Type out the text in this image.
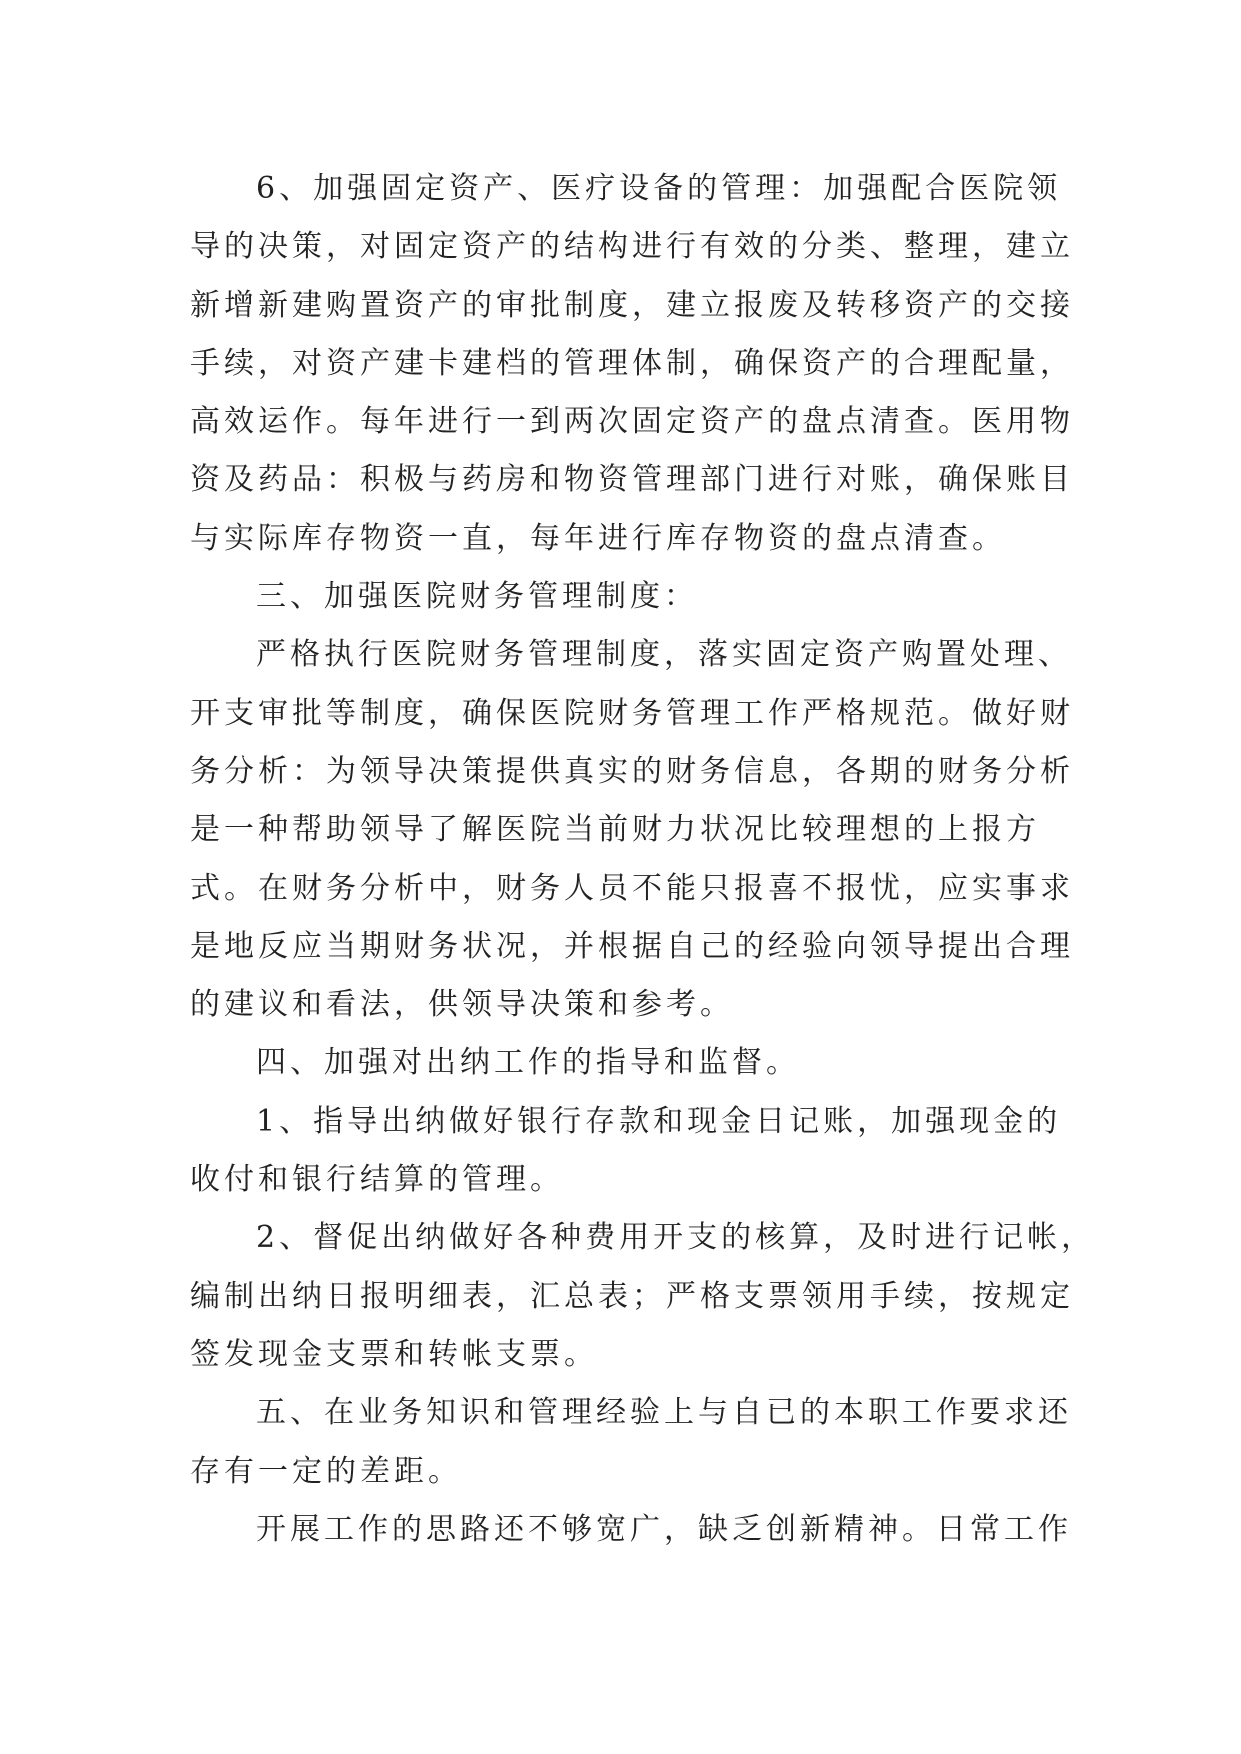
6、加强固定资产、医疗设备的管理：加强配合医院领
导的决策，对固定资产的结构进行有效的分类、整理，建立
新增新建购置资产的审批制度，建立报废及转移资产的交接
手续，对资产建卡建档的管理体制，确保资产的合理配量，
高效运作。每年进行一到两次固定资产的盘点清查。医用物
资及药品：积极与药房和物资管理部门进行对账，确保账目
与实际库存物资一直，每年进行库存物资的盘点清查。
三、加强医院财务管理制度：
严格执行医院财务管理制度，落实固定资产购置处理、
开支审批等制度，确保医院财务管理工作严格规范。做好财
务分析：为领导决策提供真实的财务信息，各期的财务分析
是一种帮助领导了解医院当前财力状况比较理想的上报方
式。在财务分析中，财务人员不能只报喜不报忧，应实事求
是地反应当期财务状况，并根据自己的经验向领导提出合理
的建议和看法，供领导决策和参考。
四、加强对出纳工作的指导和监督。
1、指导出纳做好银行存款和现金日记账，加强现金的
收付和银行结算的管理。
2、督促出纳做好各种费用开支的核算，及时进行记帐，
编制出纳日报明细表，汇总表；严格支票领用手续，按规定
签发现金支票和转帐支票。
五、在业务知识和管理经验上与自已的本职工作要求还
存有一定的差距。
开展工作的思路还不够宽广，缺乏创新精神。日常工作
